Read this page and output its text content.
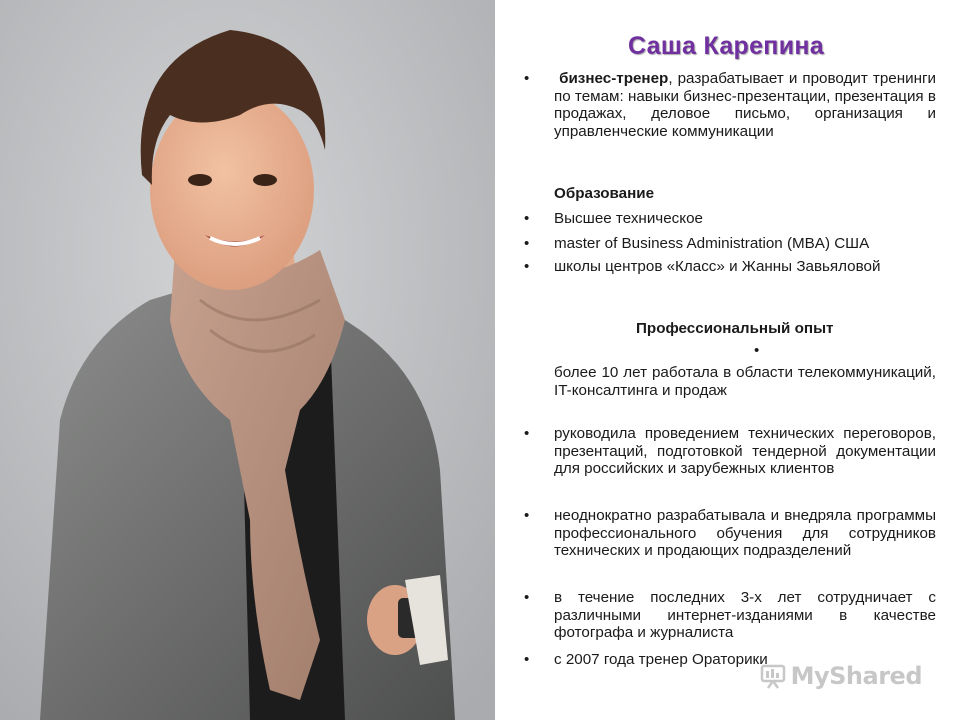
Саша Карепина
• бизнес-тренер, разрабатывает и проводит тренинги по темам: навыки бизнес-презентации, презентация в продажах, деловое письмо, организация и управленческие коммуникации
Образование
• Высшее техническое
• master of Business Administration (MBA) США
• школы центров «Класс» и Жанны Завьяловой
Профессиональный опыт
•
более 10 лет работала в области телекоммуникаций, IT-консалтинга и продаж
• руководила проведением технических переговоров, презентаций, подготовкой тендерной документации для российских и зарубежных клиентов
• неоднократно разрабатывала и внедряла программы профессионального обучения для сотрудников технических и продающих подразделений
• в течение последних 3-х лет сотрудничает с различными интернет-изданиями в качестве фотографа и журналиста
• с 2007 года тренер Ораторики
MyShared
